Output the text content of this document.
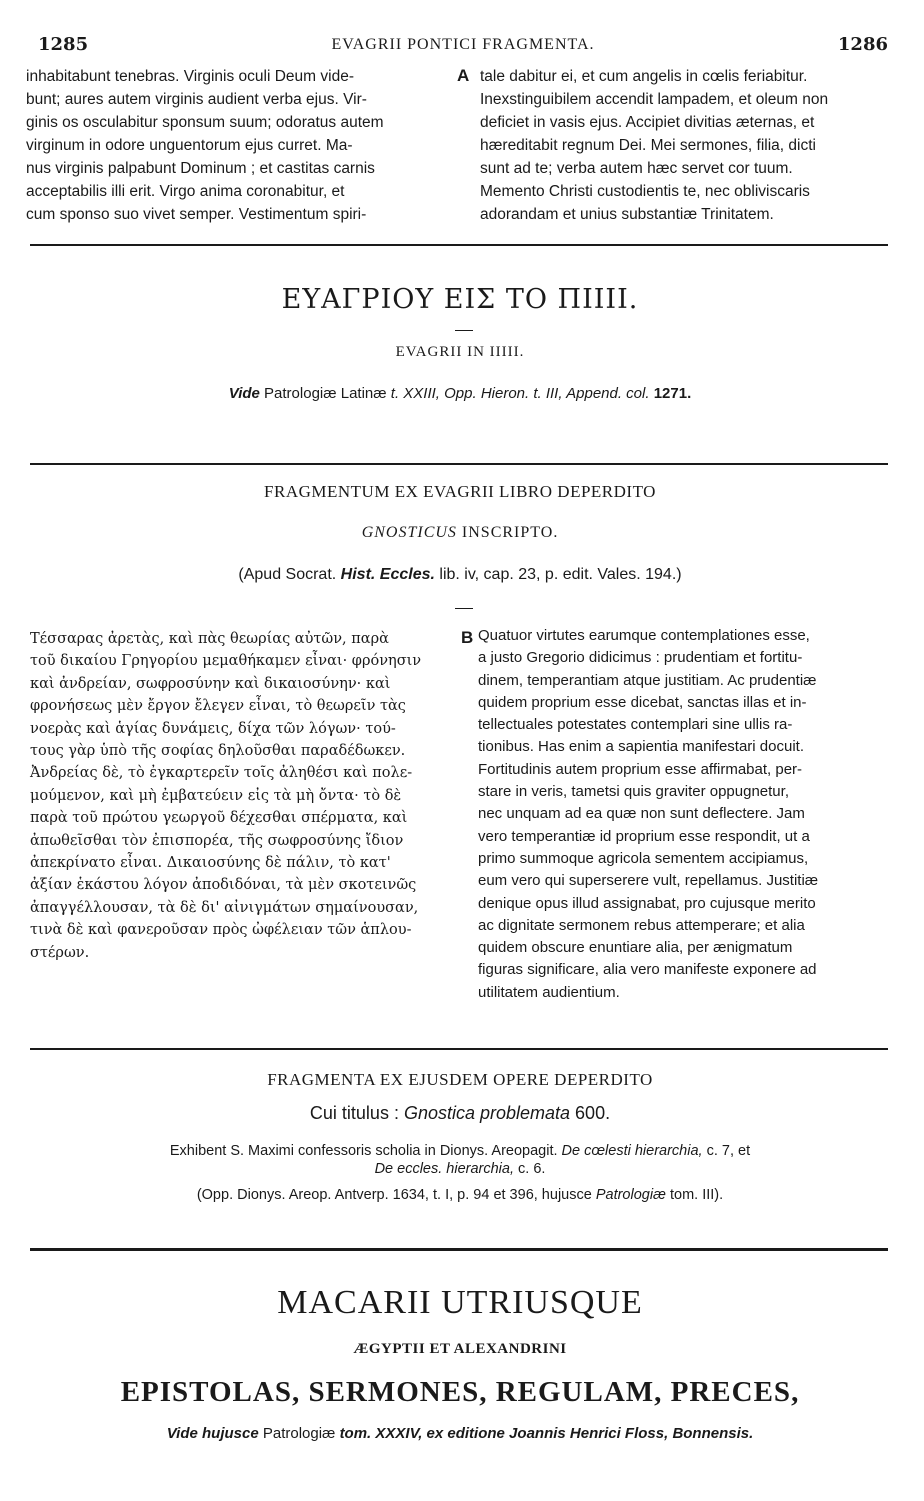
1285	EVAGRII PONTICI FRAGMENTA.	1286
inhabitabunt tenebras. Virginis oculi Deum vide-
bunt; aures autem virginis audient verba ejus. Vir-
ginis os osculabitur sponsum suum; odoratus autem
virginum in odore unguentorum ejus curret. Ma-
nus virginis palpabunt Dominum ; et castitas carnis
acceptabilis illi erit. Virgo anima coronabitur, et
cum sponso suo vivet semper. Vestimentum spiri-
A tale dabitur ei, et cum angelis in cœlis feriabitur.
Inexstinguibilem accendit lampadem, et oleum non
deficiet in vasis ejus. Accipiet divitias æternas, et
hæreditabit regnum Dei. Mei sermones, filia, dicti
sunt ad te; verba autem hæc servet cor tuum.
Memento Christi custodientis te, nec obliviscaris
adorandam et unius substantiæ Trinitatem.
ΕΥΑΓΡΙΟΥ ΕΙΣ ΤΟ ΠΙΙΙΙ.
EVAGRII IN IIIII.
Vide Patrologiæ Latinæ t. XXIII, Opp. Hieron. t. III, Append. col. 1271.
FRAGMENTUM EX EVAGRII LIBRO DEPERDITO
GNOSTICUS INSCRIPTO.
(Apud Socrat. Hist. Eccles. lib. iv, cap. 23, p. edit. Vales. 194.)
Τέσσαρας ἀρετὰς, καὶ πὰς θεωρίας αὐτῶν, παρὰ
τοῦ δικαίου Γρηγορίου μεμαθήκαμεν εἶναι· φρόνησιν
καὶ ἀνδρείαν, σωφροσύνην καὶ δικαιοσύνην· καὶ
φρονήσεως μὲν ἔργον ἔλεγεν εἶναι, τὸ θεωρεῖν τὰς
νοερὰς καὶ ἁγίας δυνάμεις, δίχα τῶν λόγων· τού-
τους γὰρ ὑπὸ τῆς σοφίας δηλοῦσθαι παραδέδωκεν.
Ἀνδρείας δὲ, τὸ ἐγκαρτερεῖν τοῖς ἀληθέσι καὶ πολε-
μούμενον, καὶ μὴ ἐμβατεύειν εἰς τὰ μὴ ὄντα· τὸ δὲ
παρὰ τοῦ πρώτου γεωργοῦ δέχεσθαι σπέρματα, καὶ
ἀπωθεῖσθαι τὸν ἐπισπορέα, τῆς σωφροσύνης ἴδιον
ἀπεκρίνατο εἶναι. Δικαιοσύνης δὲ πάλιν, τὸ κατ'
ἀξίαν ἑκάστου λόγον ἀποδιδόναι, τὰ μὲν σκοτεινῶς
ἀπαγγέλλουσαν, τὰ δὲ δι' αἰνιγμάτων σημαίνουσαν,
τινὰ δὲ καὶ φανεροῦσαν πρὸς ὠφέλειαν τῶν ἁπλου-
στέρων.
B Quatuor virtutes earumque contemplationes esse,
a justo Gregorio didicimus : prudentiam et fortitu-
dinem, temperantiam atque justitiam. Ac prudentiæ
quidem proprium esse dicebat, sanctas illas et in-
tellectuales potestates contemplari sine ullis ra-
tionibus. Has enim a sapientia manifestari docuit.
Fortitudinis autem proprium esse affirmabat, per-
stare in veris, tametsi quis graviter oppugnetur,
nec unquam ad ea quæ non sunt deflectere. Jam
vero temperantiæ id proprium esse respondit, ut a
primo summoque agricola sementem accipiamus,
eum vero qui superserere vult, repellamus. Justitiæ
denique opus illud assignabat, pro cujusque merito
ac dignitate sermonem rebus attemperare; et alia
quidem obscure enuntiare alia, per ænigmatum
figuras significare, alia vero manifeste exponere ad
utilitatem audientium.
FRAGMENTA EX EJUSDEM OPERE DEPERDITO
Cui titulus : Gnostica problemata 600.
Exhibent S. Maximi confessoris scholia in Dionys. Areopagit. De cœlesti hierarchia, c. 7, et
De eccles. hierarchia, c. 6.
(Opp. Dionys. Areop. Antverp. 1634, t. I, p. 94 et 396, hujusce Patrologiæ tom. III).
MACARII UTRIUSQUE
ÆGYPTII ET ALEXANDRINI
EPISTOLAS, SERMONES, REGULAM, PRECES,
Vide hujusce Patrologiæ tom. XXXIV, ex editione Joannis Henrici Floss, Bonnensis.
